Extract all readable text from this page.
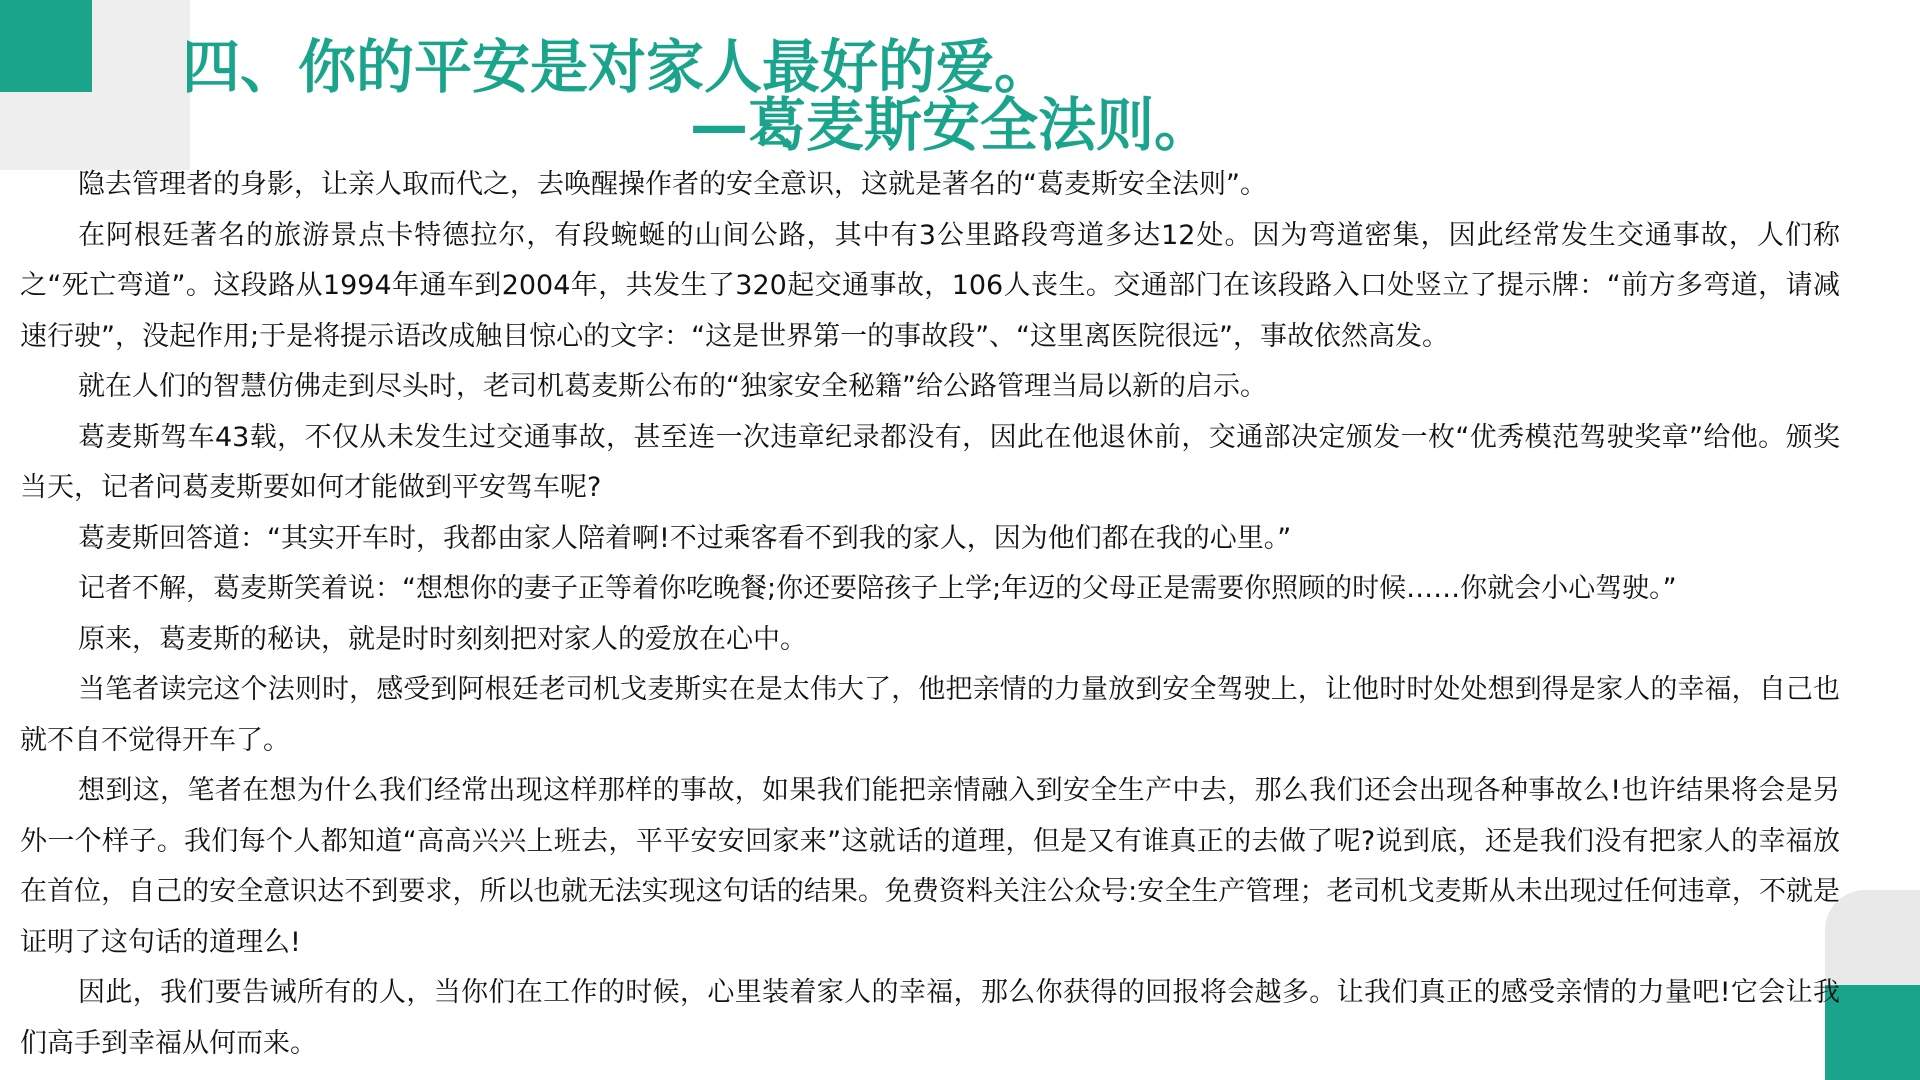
四、你的平安是对家人最好的爱。
—葛麦斯安全法则。

隐去管理者的身影，让亲人取而代之，去唤醒操作者的安全意识，这就是著名的“葛麦斯安全法则”。

在阿根廷著名的旅游景点卡特德拉尔，有段蜿蜒的山间公路，其中有3公里路段弯道多达12处。因为弯道密集，因此经常发生交通事故，人们称之“死亡弯道”。这段路从1994年通车到2004年，共发生了320起交通事故，106人丧生。交通部门在该段路入口处竖立了提示牌：“前方多弯道，请减速行驶”，没起作用;于是将提示语改成触目惊心的文字：“这是世界第一的事故段”、“这里离医院很远”，事故依然高发。

就在人们的智慧仿佛走到尽头时，老司机葛麦斯公布的“独家安全秘籍”给公路管理当局以新的启示。

葛麦斯驾车43载，不仅从未发生过交通事故，甚至连一次违章纪录都没有，因此在他退休前，交通部决定颁发一枚“优秀模范驾驶奖章”给他。颁奖当天，记者问葛麦斯要如何才能做到平安驾车呢?

葛麦斯回答道：“其实开车时，我都由家人陪着啊!不过乘客看不到我的家人，因为他们都在我的心里。”

记者不解，葛麦斯笑着说：“想想你的妻子正等着你吃晚餐;你还要陪孩子上学;年迈的父母正是需要你照顾的时候……你就会小心驾驶。”

原来，葛麦斯的秘诀，就是时时刻刻把对家人的爱放在心中。

当笔者读完这个法则时，感受到阿根廷老司机戈麦斯实在是太伟大了，他把亲情的力量放到安全驾驶上，让他时时处处想到得是家人的幸福，自己也就不自不觉得开车了。

想到这，笔者在想为什么我们经常出现这样那样的事故，如果我们能把亲情融入到安全生产中去，那么我们还会出现各种事故么!也许结果将会是另外一个样子。我们每个人都知道“高高兴兴上班去，平平安安回家来”这就话的道理，但是又有谁真正的去做了呢?说到底，还是我们没有把家人的幸福放在首位，自己的安全意识达不到要求，所以也就无法实现这句话的结果。免费资料关注公众号:安全生产管理；老司机戈麦斯从未出现过任何违章，不就是证明了这句话的道理么!

因此，我们要告诫所有的人，当你们在工作的时候，心里装着家人的幸福，那么你获得的回报将会越多。让我们真正的感受亲情的力量吧!它会让我们高手到幸福从何而来。
